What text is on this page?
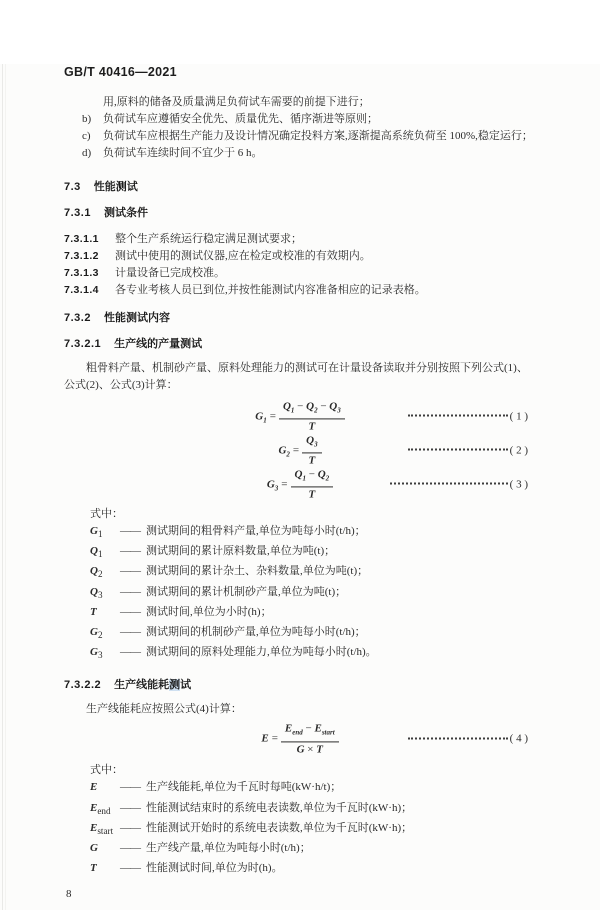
GB/T 40416—2021
用,原料的储备及质量满足负荷试车需要的前提下进行；
b)	负荷试车应遵循安全优先、质量优先、循序渐进等原则；
c)	负荷试车应根据生产能力及设计情况确定投料方案,逐渐提高系统负荷至 100%,稳定运行；
d)	负荷试车连续时间不宜少于 6 h。
7.3 性能测试
7.3.1 测试条件
7.3.1.1	整个生产系统运行稳定满足测试要求；
7.3.1.2	测试中使用的测试仪器,应在检定或校准的有效期内。
7.3.1.3	计量设备已完成校准。
7.3.1.4	各专业考核人员已到位,并按性能测试内容准备相应的记录表格。
7.3.2 性能测试内容
7.3.2.1 生产线的产量测试
粗骨料产量、机制砂产量、原料处理能力的测试可在计量设备读取并分别按照下列公式(1)、公式(2)、公式(3)计算：
$G_1 = \frac{Q_1 - Q_2 - Q_3}{T}$	( 1 )
$G_2 = \frac{Q_3}{T}$	( 2 )
$G_3 = \frac{Q_1 - Q_2}{T}$	( 3 )
式中：
$G_1$	—— 测试期间的粗骨料产量,单位为吨每小时(t/h)；
$Q_1$	—— 测试期间的累计原料数量,单位为吨(t)；
$Q_2$	—— 测试期间的累计杂土、杂料数量,单位为吨(t)；
$Q_3$	—— 测试期间的累计机制砂产量,单位为吨(t)；
T	—— 测试时间,单位为小时(h)；
$G_2$	—— 测试期间的机制砂产量,单位为吨每小时(t/h)；
$G_3$	—— 测试期间的原料处理能力,单位为吨每小时(t/h)。
7.3.2.2 生产线能耗测试
生产线能耗应按照公式(4)计算：
$E = \frac{E_{end} - E_{start}}{G \times T}$	( 4 )
式中：
E	—— 生产线能耗,单位为千瓦时每吨(kW·h/t)；
$E_{end}$ —— 性能测试结束时的系统电表读数,单位为千瓦时(kW·h)；
$E_{start}$ —— 性能测试开始时的系统电表读数,单位为千瓦时(kW·h)；
G	—— 生产线产量,单位为吨每小时(t/h)；
T	—— 性能测试时间,单位为时(h)。
8
